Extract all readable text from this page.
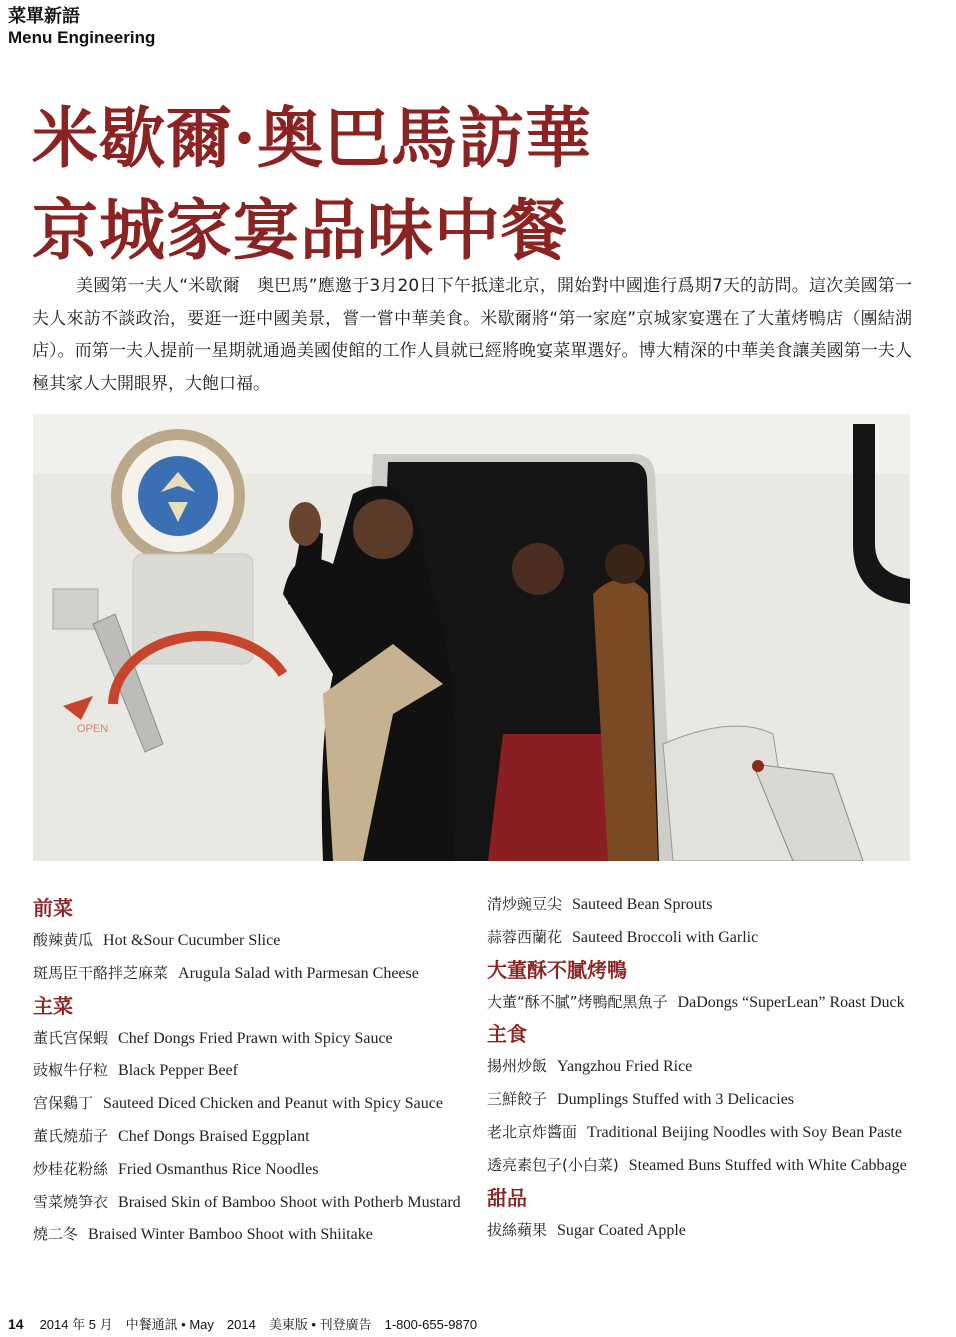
菜單新語
Menu Engineering
米歇爾·奥巴馬訪華
京城家宴品味中餐

美國第一夫人“米歇爾　奥巴馬”應邀于3月20日下午抵達北京，開始對中國進行爲期7天的訪問。這次美國第一夫人來訪不談政治，要逛一逛中國美景，嘗一嘗中華美食。米歇爾將“第一家庭”京城家宴選在了大董烤鴨店（團結湖店）。而第一夫人提前一星期就通過美國使館的工作人員就已經將晚宴菜單選好。博大精深的中華美食讓美國第一夫人極其家人大開眼界，大飽口福。

OPEN
前菜
酸辣黄瓜 Hot &Sour Cucumber Slice
斑馬臣干酪拌芝麻菜 Arugula Salad with Parmesan Cheese
主菜
董氏宫保蝦 Chef Dongs Fried Prawn with Spicy Sauce
豉椒牛仔粒 Black Pepper Beef
宫保鷄丁 Sauteed Diced Chicken and Peanut with Spicy Sauce
董氏燒茄子 Chef Dongs Braised Eggplant
炒桂花粉絲 Fried Osmanthus Rice Noodles
雪菜燒笋衣 Braised Skin of Bamboo Shoot with Potherb Mustard
燒二冬 Braised Winter Bamboo Shoot with Shiitake
清炒豌豆尖 Sauteed Bean Sprouts
蒜蓉西蘭花 Sauteed Broccoli with Garlic
大董酥不膩烤鴨
大董“酥不膩”烤鴨配黑魚子 DaDongs “SuperLean” Roast Duck
主食
揚州炒飯 Yangzhou Fried Rice
三鮮餃子 Dumplings Stuffed with 3 Delicacies
老北京炸醬面 Traditional Beijing Noodles with Soy Bean Paste
透亮素包子(小白菜) Steamed Buns Stuffed with White Cabbage
甜品
拔絲蘋果 Sugar Coated Apple
14 2014 年 5 月　中餐通訊 • May　2014　美東版 • 刊登廣告　1-800-655-9870
